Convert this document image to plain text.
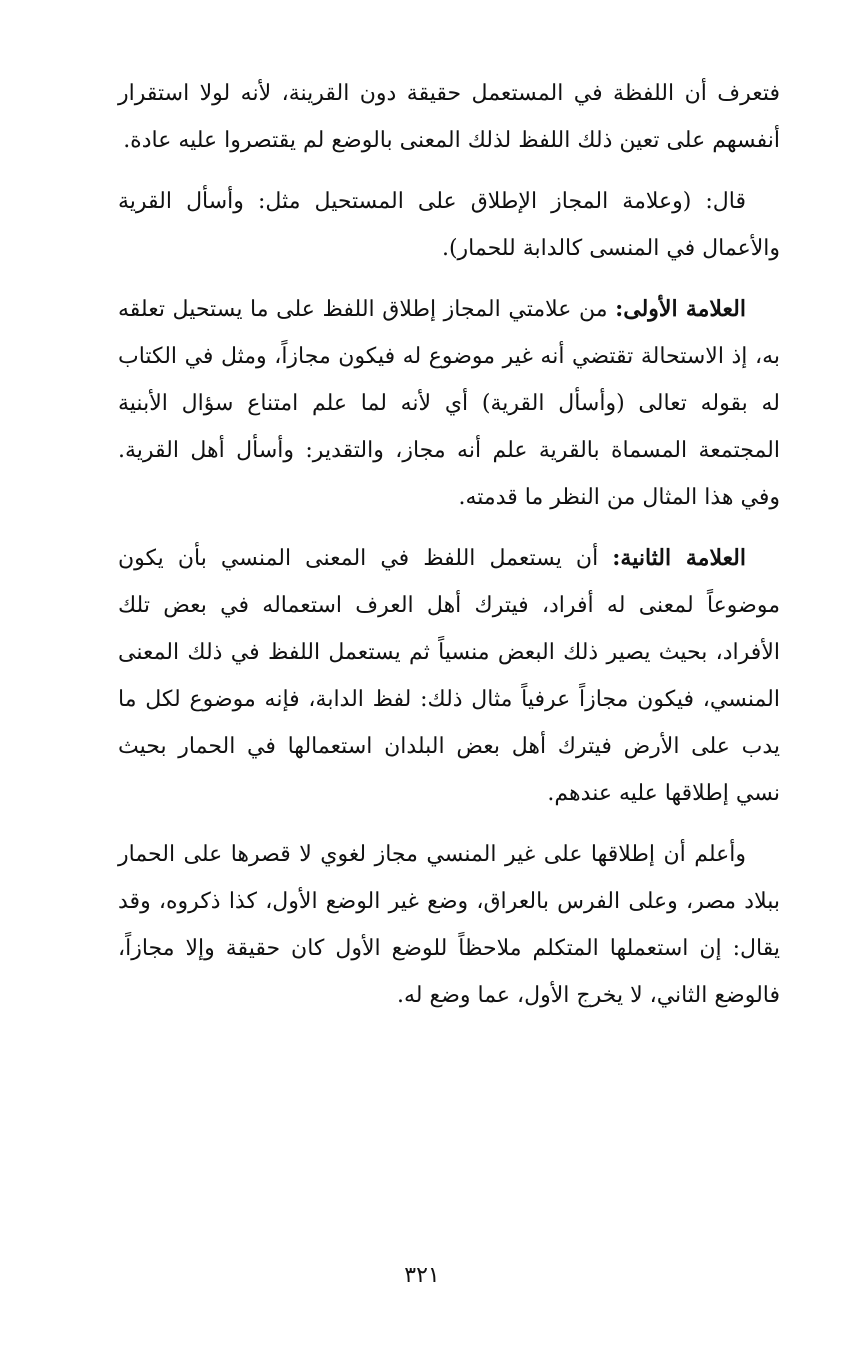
فتعرف أن اللفظة في المستعمل حقيقة دون القرينة، لأنه لولا استقرار أنفسهم على تعين ذلك اللفظ لذلك المعنى بالوضع لم يقتصروا عليه عادة.

قال: (وعلامة المجاز الإطلاق على المستحيل مثل: وأسأل القرية والأعمال في المنسى كالدابة للحمار).

العلامة الأولى: من علامتي المجاز إطلاق اللفظ على ما يستحيل تعلقه به، إذ الاستحالة تقتضي أنه غير موضوع له فيكون مجازاً، ومثل في الكتاب له بقوله تعالى (وأسأل القرية) أي لأنه لما علم امتناع سؤال الأبنية المجتمعة المسماة بالقرية علم أنه مجاز، والتقدير: وأسأل أهل القرية. وفي هذا المثال من النظر ما قدمته.

العلامة الثانية: أن يستعمل اللفظ في المعنى المنسي بأن يكون موضوعاً لمعنى له أفراد، فيترك أهل العرف استعماله في بعض تلك الأفراد، بحيث يصير ذلك البعض منسياً ثم يستعمل اللفظ في ذلك المعنى المنسي، فيكون مجازاً عرفياً مثال ذلك: لفظ الدابة، فإنه موضوع لكل ما يدب على الأرض فيترك أهل بعض البلدان استعمالها في الحمار بحيث نسي إطلاقها عليه عندهم.

وأعلم أن إطلاقها على غير المنسي مجاز لغوي لا قصرها على الحمار ببلاد مصر، وعلى الفرس بالعراق، وضع غير الوضع الأول، كذا ذكروه، وقد يقال: إن استعملها المتكلم ملاحظاً للوضع الأول كان حقيقة وإلا مجازاً، فالوضع الثاني، لا يخرج الأول، عما وضع له.

٣٢١
